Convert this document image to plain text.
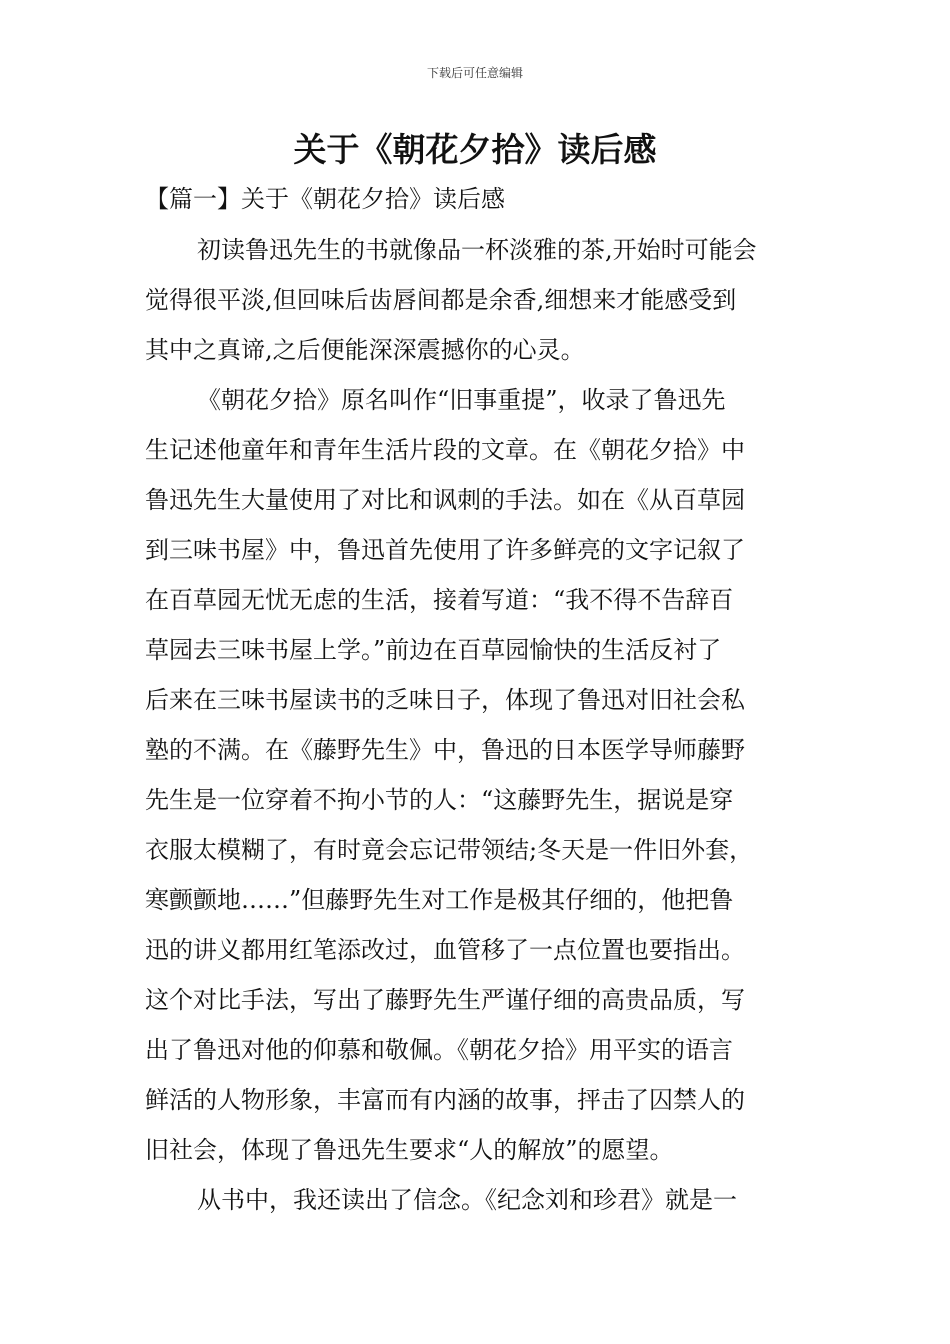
下载后可任意编辑
关于《朝花夕拾》读后感
【篇一】关于《朝花夕拾》读后感
初读鲁迅先生的书就像品一杯淡雅的茶,开始时可能会
觉得很平淡,但回味后齿唇间都是余香,细想来才能感受到
其中之真谛,之后便能深深震撼你的心灵。
《朝花夕拾》原名叫作“旧事重提”，收录了鲁迅先
生记述他童年和青年生活片段的文章。在《朝花夕拾》中
鲁迅先生大量使用了对比和讽刺的手法。如在《从百草园
到三味书屋》中，鲁迅首先使用了许多鲜亮的文字记叙了
在百草园无忧无虑的生活，接着写道：“我不得不告辞百
草园去三味书屋上学。”前边在百草园愉快的生活反衬了
后来在三味书屋读书的乏味日子，体现了鲁迅对旧社会私
塾的不满。在《藤野先生》中，鲁迅的日本医学导师藤野
先生是一位穿着不拘小节的人：“这藤野先生，据说是穿
衣服太模糊了，有时竟会忘记带领结;冬天是一件旧外套，
寒颤颤地……”但藤野先生对工作是极其仔细的，他把鲁
迅的讲义都用红笔添改过，血管移了一点位置也要指出。
这个对比手法，写出了藤野先生严谨仔细的高贵品质，写
出了鲁迅对他的仰慕和敬佩。《朝花夕拾》用平实的语言
鲜活的人物形象，丰富而有内涵的故事，抨击了囚禁人的
旧社会，体现了鲁迅先生要求“人的解放”的愿望。
从书中，我还读出了信念。《纪念刘和珍君》就是一
